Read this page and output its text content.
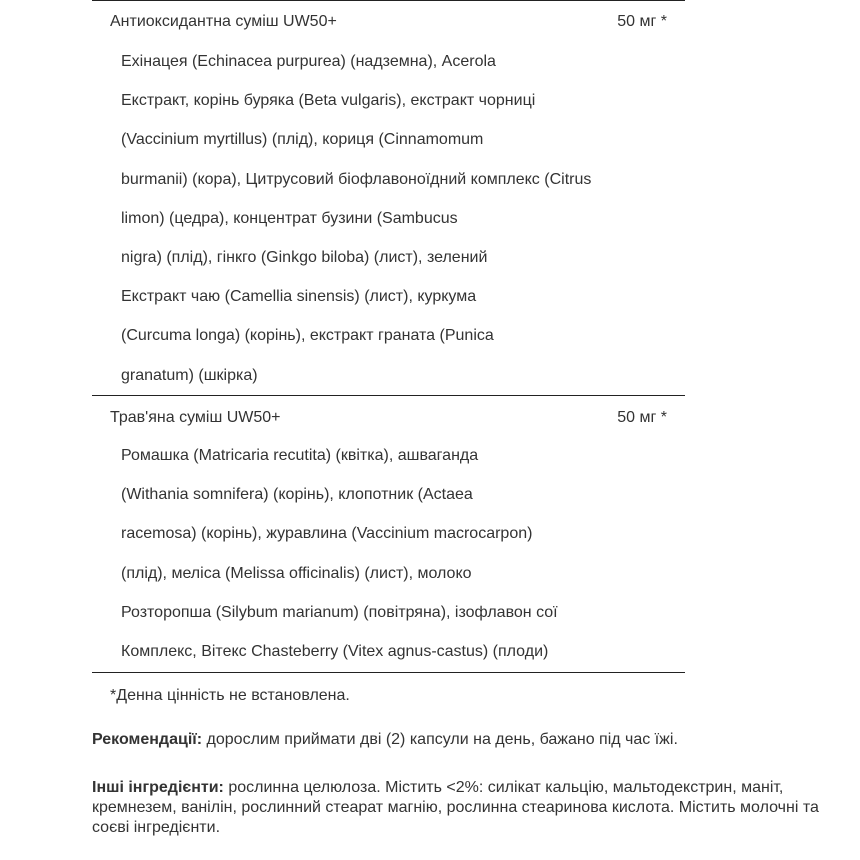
Антиоксидантна суміш UW50+	50 мг *
Ехінацея (Echinacea purpurea) (надземна), Acerola
Екстракт, корінь буряка (Beta vulgaris), екстракт чорниці
(Vaccinium myrtillus) (плід), кориця (Cinnamomum
burmanii) (кора), Цитрусовий біофлавоноїдний комплекс (Citrus
limon) (цедра), концентрат бузини (Sambucus
nigra) (плід), гінкго (Ginkgo biloba) (лист), зелений
Екстракт чаю (Camellia sinensis) (лист), куркума
(Curcuma longa) (корінь), екстракт граната (Punica
granatum) (шкірка)
Трав'яна суміш UW50+	50 мг *
Ромашка (Matricaria recutita) (квітка), ашваганда
(Withania somnifera) (корінь), клопотник (Actaea
racemosa) (корінь), журавлина (Vaccinium macrocarpon)
(плід), меліса (Melissa officinalis) (лист), молоко
Розторопша (Silybum marianum) (повітряна), ізофлавон сої
Комплекс, Вітекс Chasteberry (Vitex agnus-castus) (плоди)
*Денна цінність не встановлена.
Рекомендації: дорослим приймати дві (2) капсули на день, бажано під час їжі.
Інші інгредієнти: рослинна целюлоза. Містить <2%: силікат кальцію, мальтодекстрин, маніт, кремнезем, ванілін, рослинний стеарат магнію, рослинна стеаринова кислота. Містить молочні та соєві інгредієнти.
